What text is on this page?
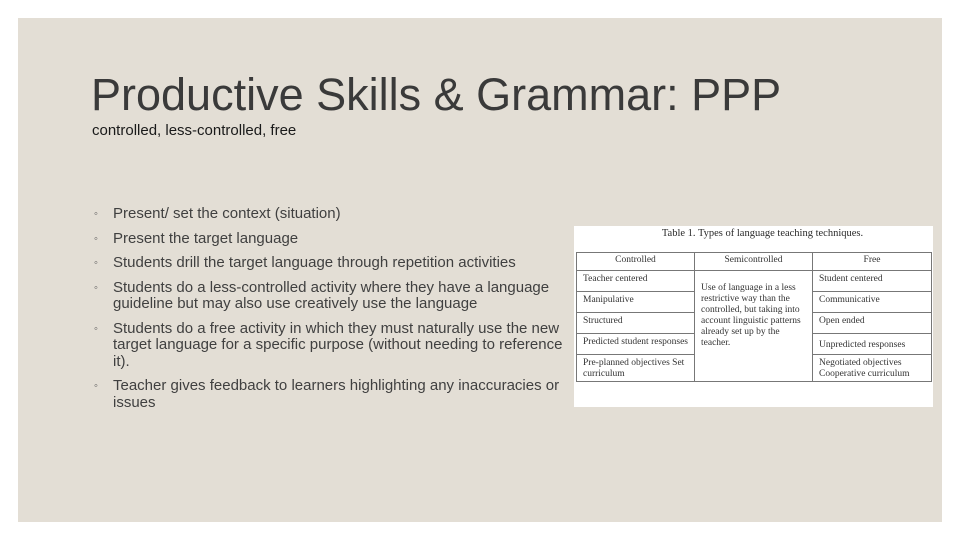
Productive Skills & Grammar: PPP

controlled, less-controlled, free

◦ Present/ set the context (situation)
◦ Present the target language
◦ Students drill the target language through repetition activities
◦ Students do a less-controlled activity where they have a language guideline but may also use creatively use the language
◦ Students do a free activity in which they must naturally use the new target language for a specific purpose (without needing to reference it).
◦ Teacher gives feedback to learners highlighting any inaccuracies or issues
Table 1. Types of language teaching techniques.
Controlled	Semicontrolled	Free
Teacher centered	Use of language in a less restrictive way than the controlled, but taking into account linguistic patterns already set up by the teacher.	Student centered
Manipulative		Communicative
Structured		Open ended
Predicted student responses		Unpredicted responses
Pre-planned objectives Set curriculum		Negotiated objectives Cooperative curriculum
